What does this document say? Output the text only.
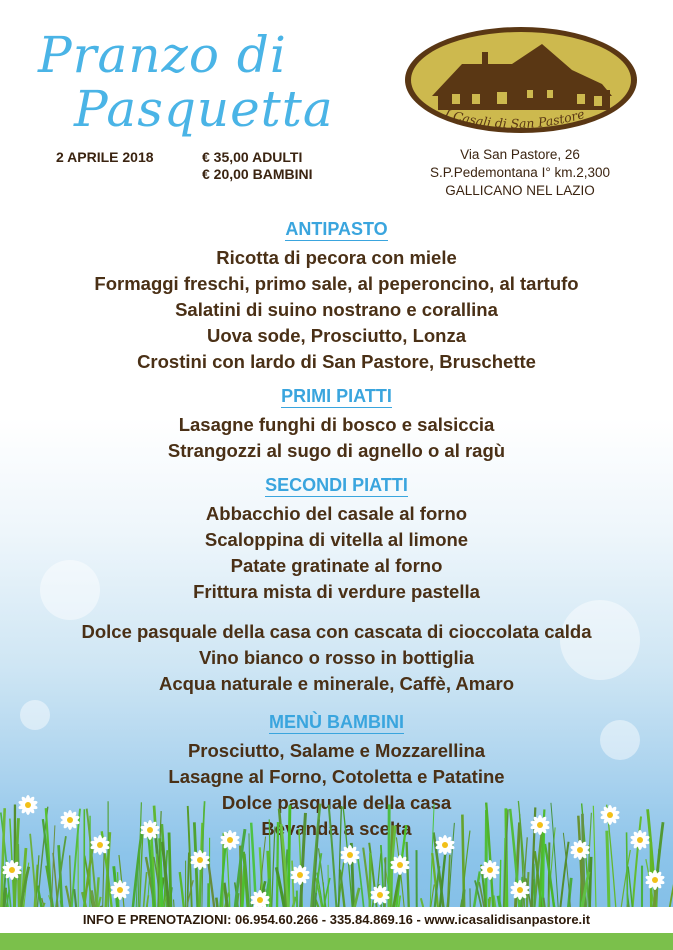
Pranzo di
Pasquetta
2 APRILE 2018	€ 35,00 ADULTI
€ 20,00 BAMBINI
I Casali di San Pastore
Via San Pastore, 26
S.P.Pedemontana I° km.2,300
GALLICANO NEL LAZIO
ANTIPASTO
Ricotta di pecora con miele
Formaggi freschi, primo sale, al peperoncino, al tartufo
Salatini di suino nostrano e corallina
Uova sode, Prosciutto, Lonza
Crostini con lardo di San Pastore, Bruschette
PRIMI PIATTI
Lasagne funghi di bosco e salsiccia
Strangozzi al sugo di agnello o al ragù
SECONDI PIATTI
Abbacchio del casale al forno
Scaloppina di vitella al limone
Patate gratinate al forno
Frittura mista di verdure pastella
Dolce pasquale della casa con cascata di cioccolata calda
Vino bianco o rosso in bottiglia
Acqua naturale e minerale, Caffè, Amaro
MENÙ BAMBINI
Prosciutto, Salame e Mozzarellina
Lasagne al Forno, Cotoletta e Patatine
Dolce pasquale della casa
Bevanda a scelta
INFO E PRENOTAZIONI: 06.954.60.266 - 335.84.869.16 - www.icasalidisanpastore.it
